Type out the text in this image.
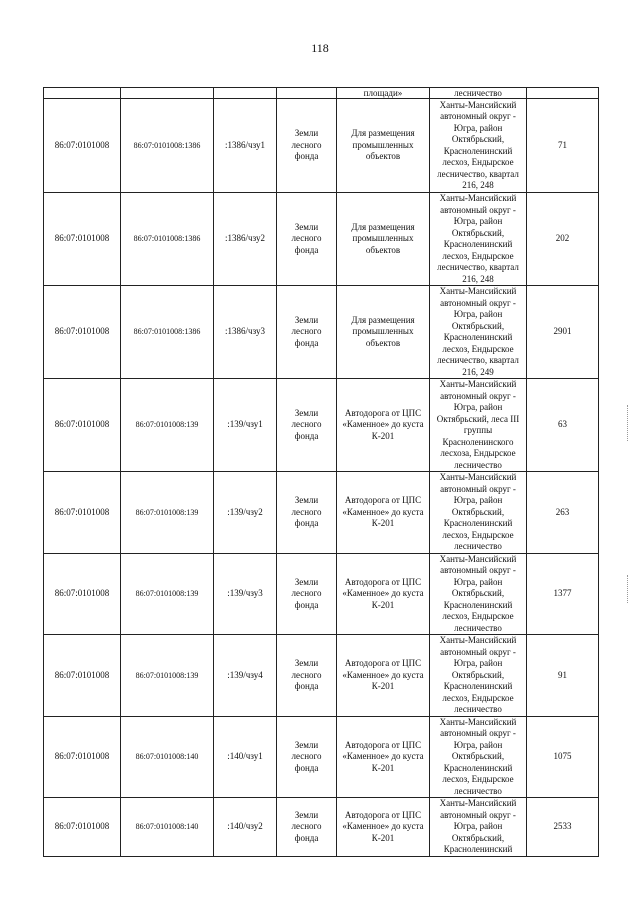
118
				площади»	лесничество	
86:07:0101008	86:07:0101008:1386	:1386/чзу1	Земли лесного фонда	Для размещения промышленных объектов	Ханты-Мансийский автономный округ - Югра, район Октябрьский, Красноленинский лесхоз, Ендырское лесничество, квартал 216, 248	71
86:07:0101008	86:07:0101008:1386	:1386/чзу2	Земли лесного фонда	Для размещения промышленных объектов	Ханты-Мансийский автономный округ - Югра, район Октябрьский, Красноленинский лесхоз, Ендырское лесничество, квартал 216, 248	202
86:07:0101008	86:07:0101008:1386	:1386/чзу3	Земли лесного фонда	Для размещения промышленных объектов	Ханты-Мансийский автономный округ - Югра, район Октябрьский, Красноленинский лесхоз, Ендырское лесничество, квартал 216, 249	2901
86:07:0101008	86:07:0101008:139	:139/чзу1	Земли лесного фонда	Автодорога от ЦПС «Каменное» до куста К-201	Ханты-Мансийский автономный округ - Югра, район Октябрьский, леса III группы Красноленинского лесхоза, Ендырское лесничество	63
86:07:0101008	86:07:0101008:139	:139/чзу2	Земли лесного фонда	Автодорога от ЦПС «Каменное» до куста К-201	Ханты-Мансийский автономный округ - Югра, район Октябрьский, Красноленинский лесхоз, Ендырское лесничество	263
86:07:0101008	86:07:0101008:139	:139/чзу3	Земли лесного фонда	Автодорога от ЦПС «Каменное» до куста К-201	Ханты-Мансийский автономный округ - Югра, район Октябрьский, Красноленинский лесхоз, Ендырское лесничество	1377
86:07:0101008	86:07:0101008:139	:139/чзу4	Земли лесного фонда	Автодорога от ЦПС «Каменное» до куста К-201	Ханты-Мансийский автономный округ - Югра, район Октябрьский, Красноленинский лесхоз, Ендырское лесничество	91
86:07:0101008	86:07:0101008:140	:140/чзу1	Земли лесного фонда	Автодорога от ЦПС «Каменное» до куста К-201	Ханты-Мансийский автономный округ - Югра, район Октябрьский, Красноленинский лесхоз, Ендырское лесничество	1075
86:07:0101008	86:07:0101008:140	:140/чзу2	Земли лесного фонда	Автодорога от ЦПС «Каменное» до куста К-201	Ханты-Мансийский автономный округ - Югра, район Октябрьский, Красноленинский	2533
